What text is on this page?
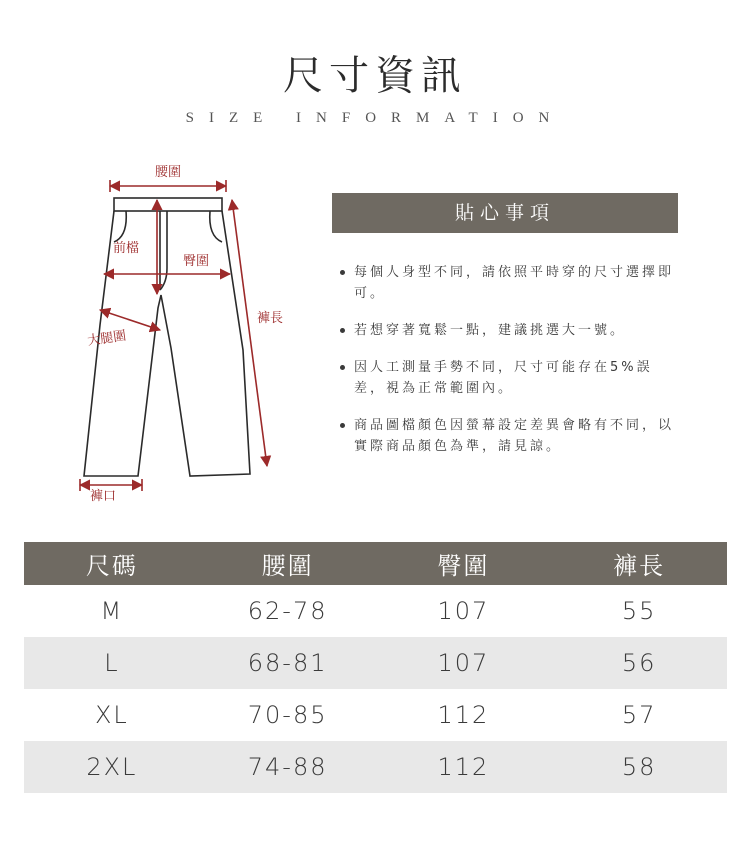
尺寸資訊
SIZE INFORMATION
腰圍
前檔
臀圍
褲長
大腿圍
褲口
貼心事項
每個人身型不同，請依照平時穿的尺寸選擇即可。
若想穿著寬鬆一點，建議挑選大一號。
因人工測量手勢不同，尺寸可能存在5%誤差，視為正常範圍內。
商品圖檔顏色因螢幕設定差異會略有不同，以實際商品顏色為準，請見諒。
尺碼	腰圍	臀圍	褲長
M	62-78	107	55
L	68-81	107	56
XL	70-85	112	57
2XL	74-88	112	58
